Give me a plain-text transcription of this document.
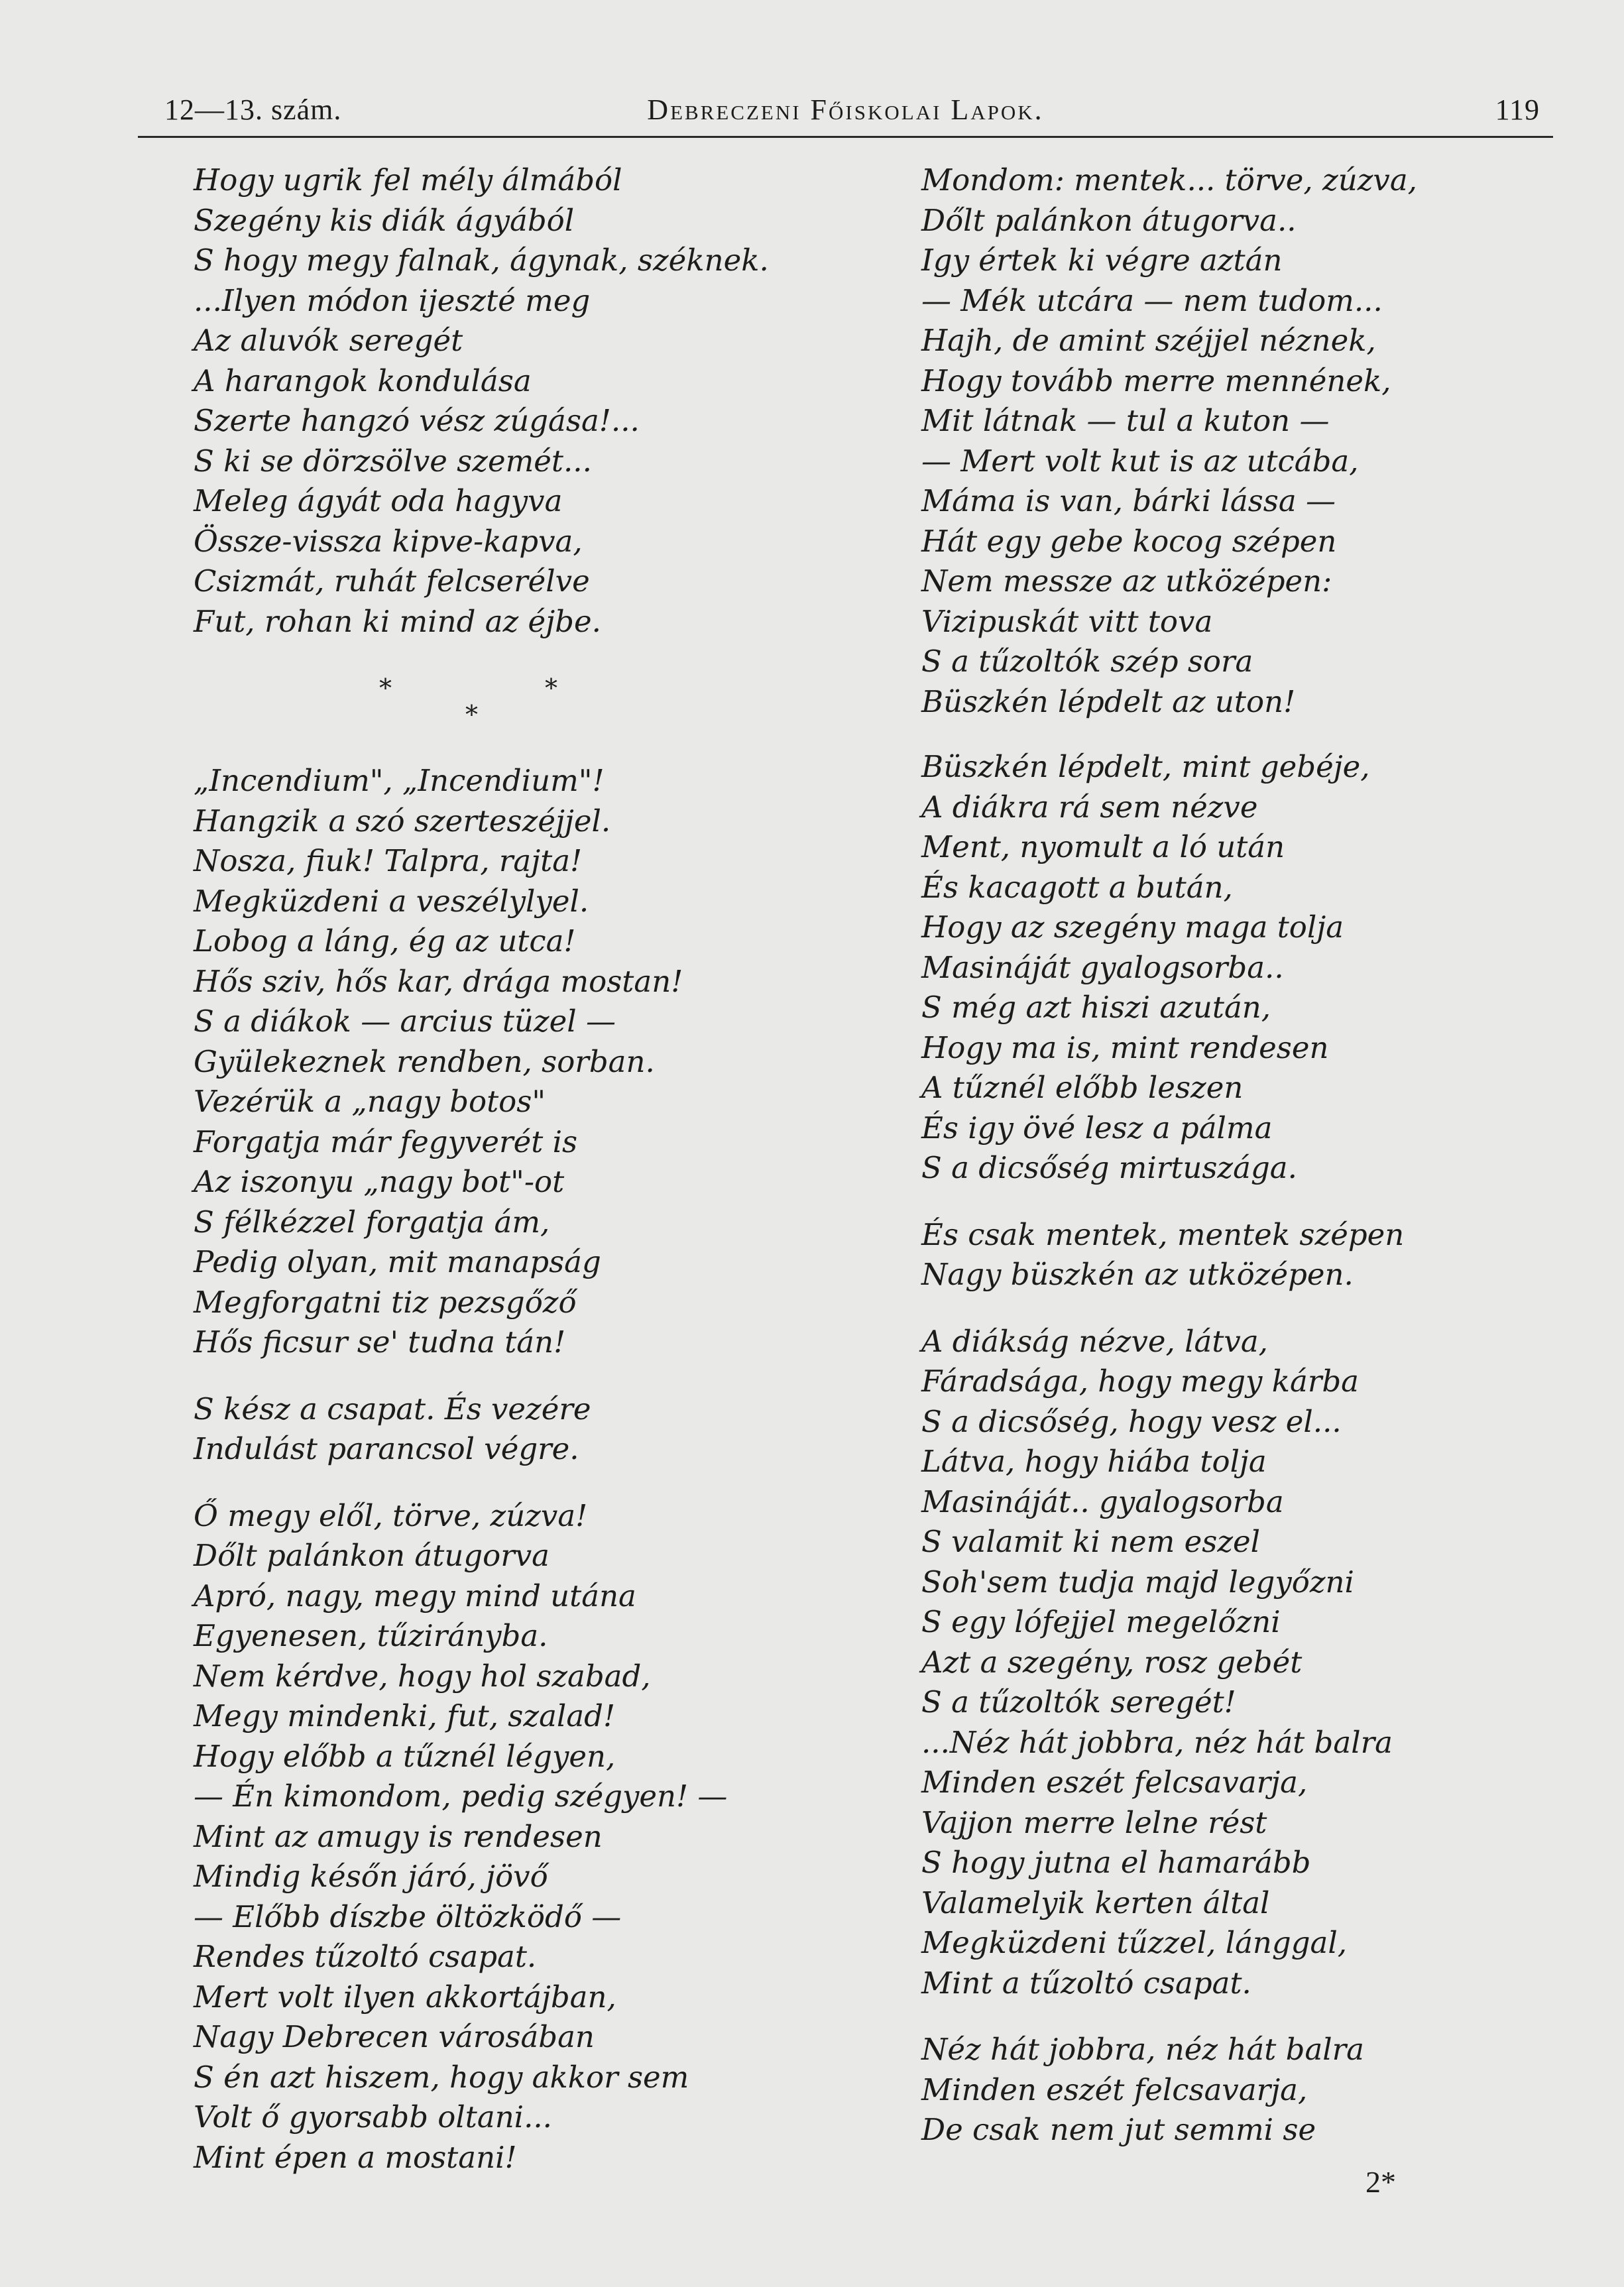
12—13. szám.	Debreczeni Főiskolai Lapok.	119
Hogy ugrik fel mély álmából
Szegény kis diák ágyából
S hogy megy falnak, ágynak, széknek.
...Ilyen módon ijeszté meg
Az aluvók seregét
A harangok kondulása
Szerte hangzó vész zúgása!...
S ki se dörzsölve szemét...
Meleg ágyát oda hagyva
Össze-vissza kipve-kapva,
Csizmát, ruhát felcserélve
Fut, rohan ki mind az éjbe.
*
*
*
„Incendium", „Incendium"!
Hangzik a szó szerteszéjjel.
Nosza, fiuk! Talpra, rajta!
Megküzdeni a veszélylyel.
Lobog a láng, ég az utca!
Hős sziv, hős kar, drága mostan!
S a diákok — arcius tüzel —
Gyülekeznek rendben, sorban.
Vezérük a „nagy botos"
Forgatja már fegyverét is
Az iszonyu „nagy bot"-ot
S félkézzel forgatja ám,
Pedig olyan, mit manapság
Megforgatni tiz pezsgőző
Hős ficsur se' tudna tán!
S kész a csapat. És vezére
Indulást parancsol végre.
Ő megy elől, törve, zúzva!
Dőlt palánkon átugorva
Apró, nagy, megy mind utána
Egyenesen, tűzirányba.
Nem kérdve, hogy hol szabad,
Megy mindenki, fut, szalad!
Hogy előbb a tűznél légyen,
— Én kimondom, pedig szégyen! —
Mint az amugy is rendesen
Mindig későn járó, jövő
— Előbb díszbe öltözködő —
Rendes tűzoltó csapat.
Mert volt ilyen akkortájban,
Nagy Debrecen városában
S én azt hiszem, hogy akkor sem
Volt ő gyorsabb oltani...
Mint épen a mostani!
Mondom: mentek... törve, zúzva,
Dőlt palánkon átugorva..
Igy értek ki végre aztán
— Mék utcára — nem tudom...
Hajh, de amint széjjel néznek,
Hogy tovább merre mennének,
Mit látnak — tul a kuton —
— Mert volt kut is az utcába,
Máma is van, bárki lássa —
Hát egy gebe kocog szépen
Nem messze az utközépen:
Vizipuskát vitt tova
S a tűzoltók szép sora
Büszkén lépdelt az uton!
Büszkén lépdelt, mint gebéje,
A diákra rá sem nézve
Ment, nyomult a ló után
És kacagott a bután,
Hogy az szegény maga tolja
Masináját gyalogsorba..
S még azt hiszi azután,
Hogy ma is, mint rendesen
A tűznél előbb leszen
És igy övé lesz a pálma
S a dicsőség mirtuszága.
És csak mentek, mentek szépen
Nagy büszkén az utközépen.
A diákság nézve, látva,
Fáradsága, hogy megy kárba
S a dicsőség, hogy vesz el...
Látva, hogy hiába tolja
Masináját.. gyalogsorba
S valamit ki nem eszel
Soh'sem tudja majd legyőzni
S egy lófejjel megelőzni
Azt a szegény, rosz gebét
S a tűzoltók seregét!
...Néz hát jobbra, néz hát balra
Minden eszét felcsavarja,
Vajjon merre lelne rést
S hogy jutna el hamarább
Valamelyik kerten által
Megküzdeni tűzzel, lánggal,
Mint a tűzoltó csapat.
Néz hát jobbra, néz hát balra
Minden eszét felcsavarja,
De csak nem jut semmi se
2*
